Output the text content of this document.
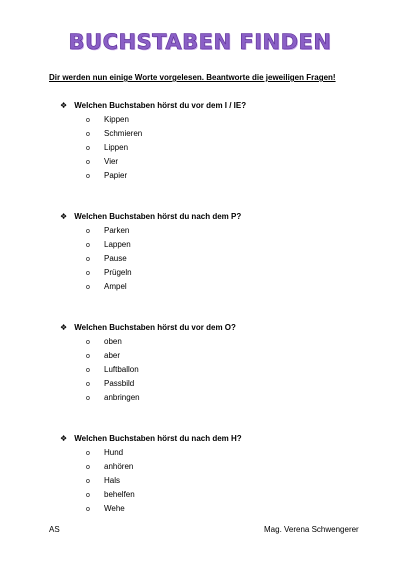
BUCHSTABEN FINDEN
Dir werden nun einige Worte vorgelesen. Beantworte die jeweiligen Fragen!
❖ Welchen Buchstaben hörst du vor dem I / IE?
o Kippen
o Schmieren
o Lippen
o Vier
o Papier
❖ Welchen Buchstaben hörst du nach dem P?
o Parken
o Lappen
o Pause
o Prügeln
o Ampel
❖ Welchen Buchstaben hörst du vor dem O?
o oben
o aber
o Luftballon
o Passbild
o anbringen
❖ Welchen Buchstaben hörst du nach dem H?
o Hund
o anhören
o Hals
o behelfen
o Wehe
AS	Mag. Verena Schwengerer
